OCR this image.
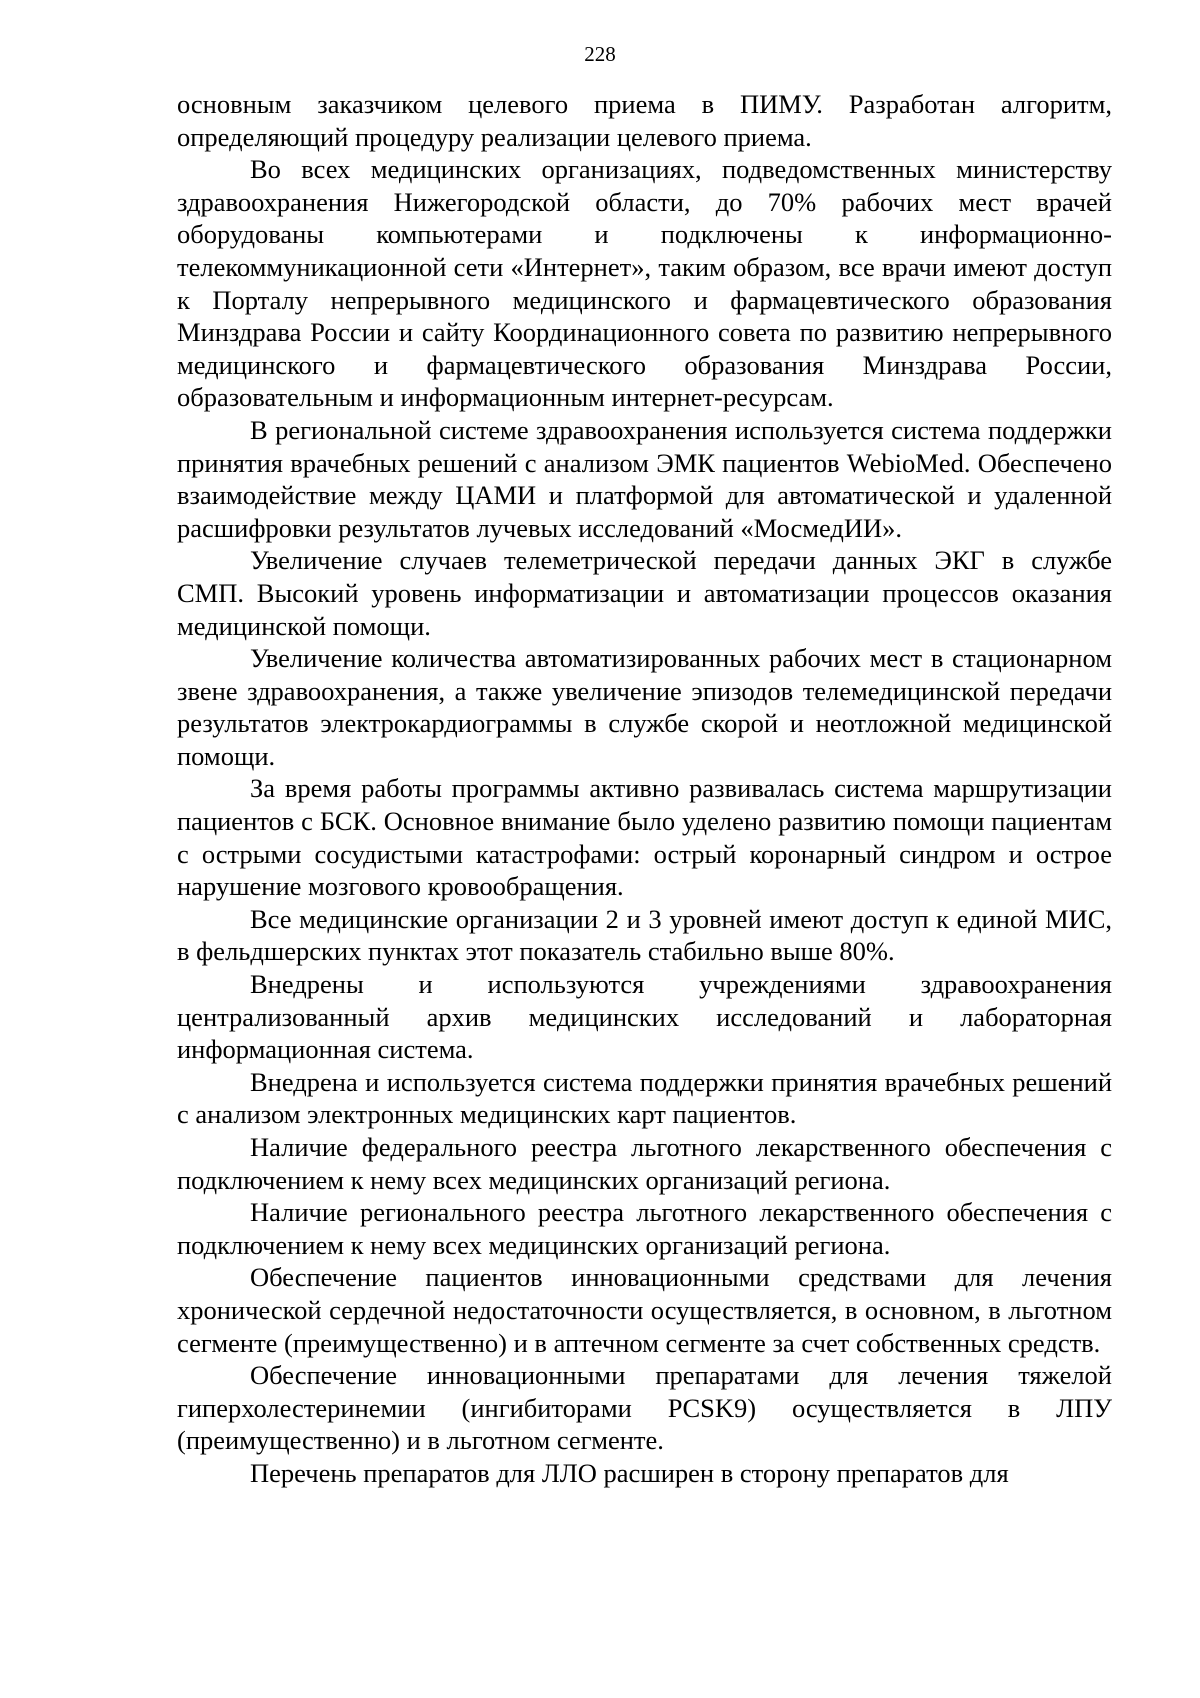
228

основным заказчиком целевого приема в ПИМУ. Разработан алгоритм, определяющий процедуру реализации целевого приема.

Во всех медицинских организациях, подведомственных министерству здравоохранения Нижегородской области, до 70% рабочих мест врачей оборудованы компьютерами и подключены к информационно-телекоммуникационной сети «Интернет», таким образом, все врачи имеют доступ к Порталу непрерывного медицинского и фармацевтического образования Минздрава России и сайту Координационного совета по развитию непрерывного медицинского и фармацевтического образования Минздрава России, образовательным и информационным интернет-ресурсам.

В региональной системе здравоохранения используется система поддержки принятия врачебных решений с анализом ЭМК пациентов WebioMed. Обеспечено взаимодействие между ЦАМИ и платформой для автоматической и удаленной расшифровки результатов лучевых исследований «МосмедИИ».

Увеличение случаев телеметрической передачи данных ЭКГ в службе СМП. Высокий уровень информатизации и автоматизации процессов оказания медицинской помощи.

Увеличение количества автоматизированных рабочих мест в стационарном звене здравоохранения, а также увеличение эпизодов телемедицинской передачи результатов электрокардиограммы в службе скорой и неотложной медицинской помощи.

За время работы программы активно развивалась система маршрутизации пациентов с БСК. Основное внимание было уделено развитию помощи пациентам с острыми сосудистыми катастрофами: острый коронарный синдром и острое нарушение мозгового кровообращения.

Все медицинские организации 2 и 3 уровней имеют доступ к единой МИС, в фельдшерских пунктах этот показатель стабильно выше 80%.

Внедрены и используются учреждениями здравоохранения централизованный архив медицинских исследований и лабораторная информационная система.

Внедрена и используется система поддержки принятия врачебных решений с анализом электронных медицинских карт пациентов.

Наличие федерального реестра льготного лекарственного обеспечения с подключением к нему всех медицинских организаций региона.

Наличие регионального реестра льготного лекарственного обеспечения с подключением к нему всех медицинских организаций региона.

Обеспечение пациентов инновационными средствами для лечения хронической сердечной недостаточности осуществляется, в основном, в льготном сегменте (преимущественно) и в аптечном сегменте за счет собственных средств.

Обеспечение инновационными препаратами для лечения тяжелой гиперхолестеринемии (ингибиторами PCSK9) осуществляется в ЛПУ (преимущественно) и в льготном сегменте.

Перечень препаратов для ЛЛО расширен в сторону препаратов для
